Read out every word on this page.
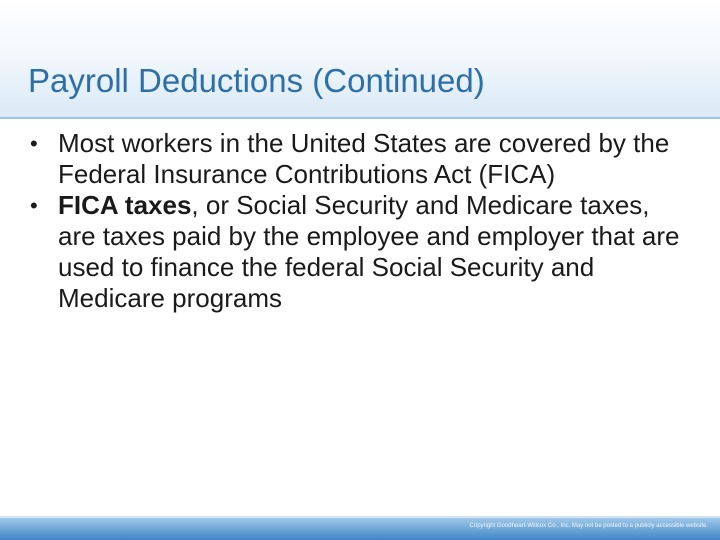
Payroll Deductions (Continued)
• Most workers in the United States are covered by the Federal Insurance Contributions Act (FICA)
• FICA taxes, or Social Security and Medicare taxes, are taxes paid by the employee and employer that are used to finance the federal Social Security and Medicare programs
Copyright Goodheart-Willcox Co., Inc. May not be posted to a publicly accessible website.
